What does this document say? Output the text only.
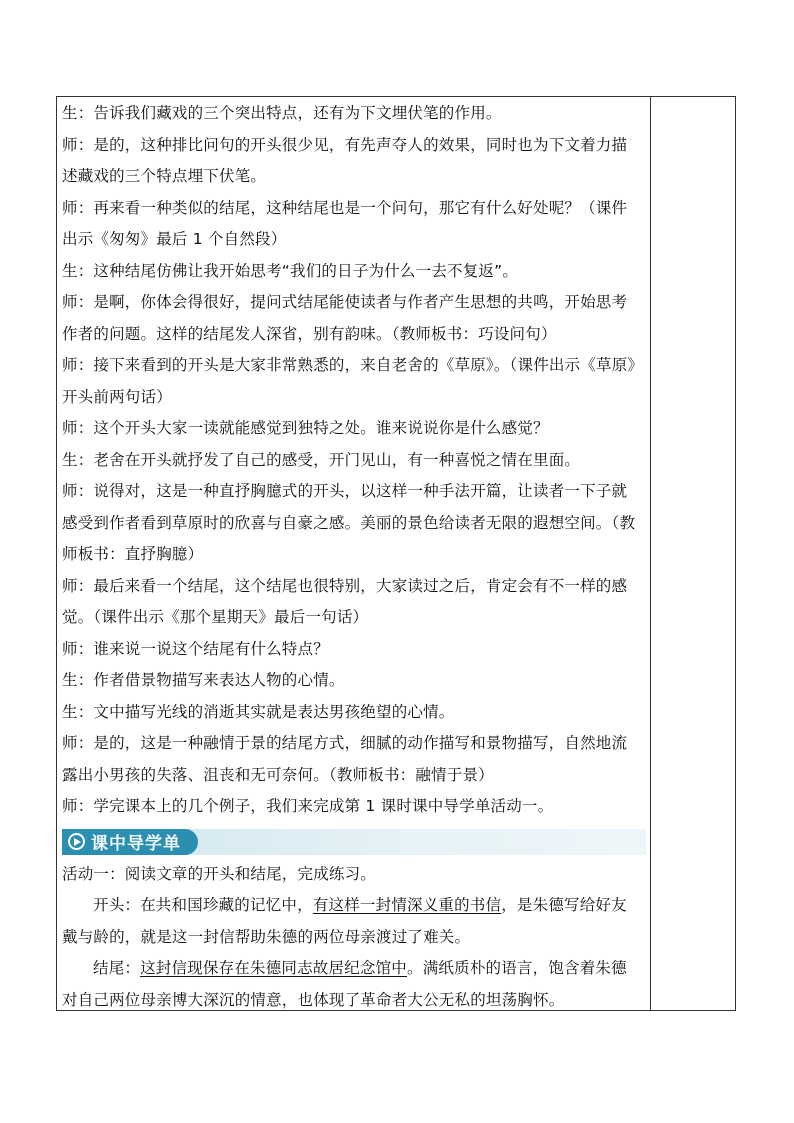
生：告诉我们藏戏的三个突出特点，还有为下文埋伏笔的作用。
师：是的，这种排比问句的开头很少见，有先声夺人的效果，同时也为下文着力描
述藏戏的三个特点埋下伏笔。
师：再来看一种类似的结尾，这种结尾也是一个问句，那它有什么好处呢？（课件
出示《匆匆》最后 1 个自然段）
生：这种结尾仿佛让我开始思考“我们的日子为什么一去不复返”。
师：是啊，你体会得很好，提问式结尾能使读者与作者产生思想的共鸣，开始思考
作者的问题。这样的结尾发人深省，别有韵味。（教师板书：巧设问句）
师：接下来看到的开头是大家非常熟悉的，来自老舍的《草原》。（课件出示《草原》
开头前两句话）
师：这个开头大家一读就能感觉到独特之处。谁来说说你是什么感觉？
生：老舍在开头就抒发了自己的感受，开门见山，有一种喜悦之情在里面。
师：说得对，这是一种直抒胸臆式的开头，以这样一种手法开篇，让读者一下子就
感受到作者看到草原时的欣喜与自豪之感。美丽的景色给读者无限的遐想空间。（教
师板书：直抒胸臆）
师：最后来看一个结尾，这个结尾也很特别，大家读过之后，肯定会有不一样的感
觉。（课件出示《那个星期天》最后一句话）
师：谁来说一说这个结尾有什么特点？
生：作者借景物描写来表达人物的心情。
生：文中描写光线的消逝其实就是表达男孩绝望的心情。
师：是的，这是一种融情于景的结尾方式，细腻的动作描写和景物描写，自然地流
露出小男孩的失落、沮丧和无可奈何。（教师板书：融情于景）
师：学完课本上的几个例子，我们来完成第 1 课时课中导学单活动一。
课中导学单
活动一：阅读文章的开头和结尾，完成练习。
开头：在共和国珍藏的记忆中，有这样一封情深义重的书信，是朱德写给好友
戴与龄的，就是这一封信帮助朱德的两位母亲渡过了难关。
结尾：这封信现保存在朱德同志故居纪念馆中。满纸质朴的语言，饱含着朱德
对自己两位母亲博大深沉的情意，也体现了革命者大公无私的坦荡胸怀。
